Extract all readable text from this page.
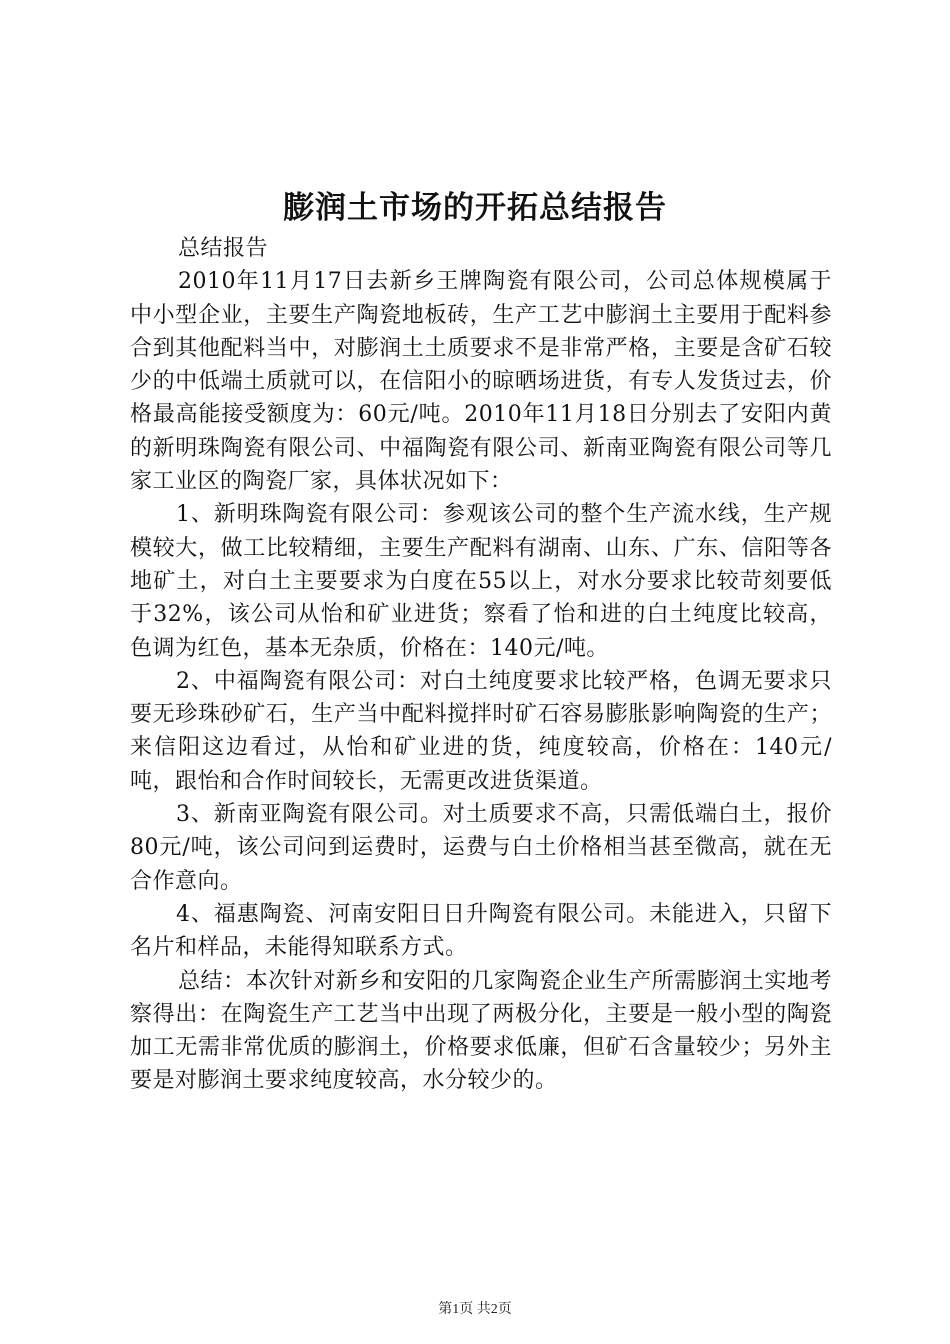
膨润土市场的开拓总结报告

总结报告

2010年11月17日去新乡王牌陶瓷有限公司，公司总体规模属于中小型企业，主要生产陶瓷地板砖，生产工艺中膨润土主要用于配料参合到其他配料当中，对膨润土土质要求不是非常严格，主要是含矿石较少的中低端土质就可以，在信阳小的晾晒场进货，有专人发货过去，价格最高能接受额度为：60元/吨。2010年11月18日分别去了安阳内黄的新明珠陶瓷有限公司、中福陶瓷有限公司、新南亚陶瓷有限公司等几家工业区的陶瓷厂家，具体状况如下：

1、新明珠陶瓷有限公司：参观该公司的整个生产流水线，生产规模较大，做工比较精细，主要生产配料有湖南、山东、广东、信阳等各地矿土，对白土主要要求为白度在55以上，对水分要求比较苛刻要低于32%，该公司从怡和矿业进货；察看了怡和进的白土纯度比较高，色调为红色，基本无杂质，价格在：140元/吨。

2、中福陶瓷有限公司：对白土纯度要求比较严格，色调无要求只要无珍珠砂矿石，生产当中配料搅拌时矿石容易膨胀影响陶瓷的生产；来信阳这边看过，从怡和矿业进的货，纯度较高，价格在：140元/吨，跟怡和合作时间较长，无需更改进货渠道。

3、新南亚陶瓷有限公司。对土质要求不高，只需低端白土，报价80元/吨，该公司问到运费时，运费与白土价格相当甚至微高，就在无合作意向。

4、福惠陶瓷、河南安阳日日升陶瓷有限公司。未能进入，只留下名片和样品，未能得知联系方式。

总结：本次针对新乡和安阳的几家陶瓷企业生产所需膨润土实地考察得出：在陶瓷生产工艺当中出现了两极分化，主要是一般小型的陶瓷加工无需非常优质的膨润土，价格要求低廉，但矿石含量较少；另外主要是对膨润土要求纯度较高，水分较少的。

第1页 共2页
